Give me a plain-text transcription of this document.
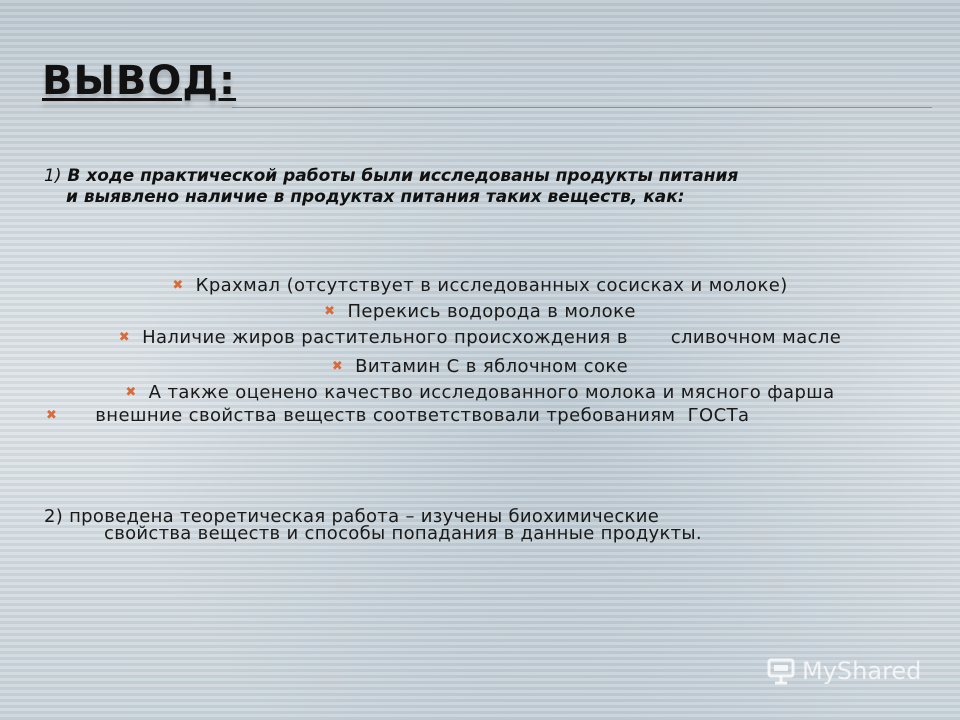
ВЫВОД:

1) В ходе практической работы были исследованы продукты питания
и выявлено наличие в продуктах питания таких веществ, как:

✖ Крахмал (отсутствует в исследованных сосисках и молоке)
✖ Перекись водорода в молоке
✖ Наличие жиров растительного происхождения в       сливочном масле
✖ Витамин С в яблочном соке
✖ А также оценено качество исследованного молока и мясного фарша
✖ внешние свойства веществ соответствовали требованиям  ГОСТа

2) проведена теоретическая работа – изучены биохимические
свойства веществ и способы попадания в данные продукты.

MyShared
